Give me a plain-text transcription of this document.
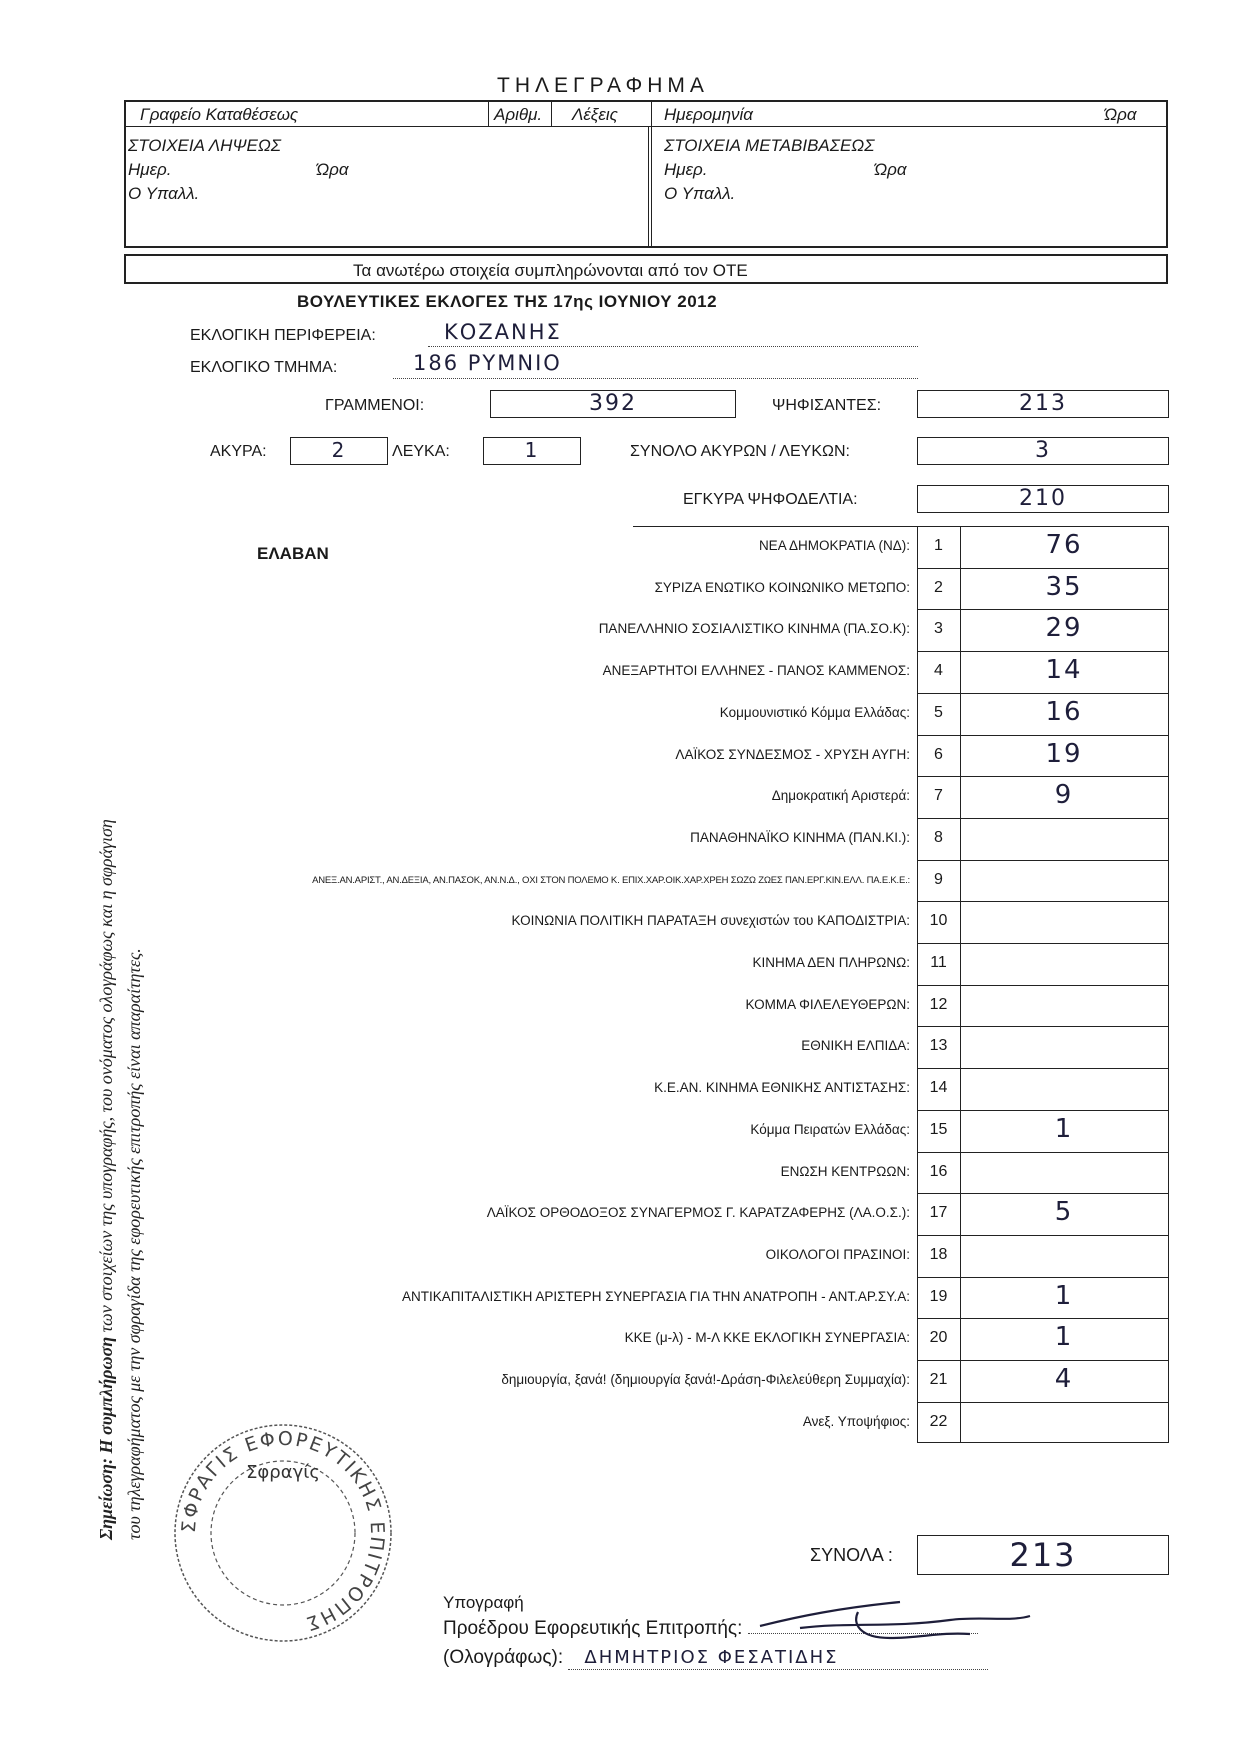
ΤΗΛΕΓΡΑΦΗΜΑ
Γραφείο Καταθέσεως	Αριθμ. Λέξεις	Ημερομηνία	Ώρα
ΣΤΟΙΧΕΙΑ ΛΗΨΕΩΣ
Ημερ.	Ώρα
Ο Υπαλλ.
ΣΤΟΙΧΕΙΑ ΜΕΤΑΒΙΒΑΣΕΩΣ
Ημερ.	Ώρα
Ο Υπαλλ.
Τα ανωτέρω στοιχεία συμπληρώνονται από τον ΟΤΕ
ΒΟΥΛΕΥΤΙΚΕΣ ΕΚΛΟΓΕΣ ΤΗΣ 17ης ΙΟΥΝΙΟΥ 2012
ΕΚΛΟΓΙΚΗ ΠΕΡΙΦΕΡΕΙΑ:	ΚΟΖΑΝΗΣ
ΕΚΛΟΓΙΚΟ ΤΜΗΜΑ:	186 ΡΥΜΝΙΟ
ΓΡΑΜΜΕΝΟΙ:	392	ΨΗΦΙΣΑΝΤΕΣ:	213
ΑΚΥΡΑ:	2	ΛΕΥΚΑ:	1	ΣΥΝΟΛΟ ΑΚΥΡΩΝ / ΛΕΥΚΩΝ:	3
ΕΓΚΥΡΑ ΨΗΦΟΔΕΛΤΙΑ:	210
ΕΛΑΒΑΝ	ΝΕΑ ΔΗΜΟΚΡΑΤΙΑ (ΝΔ):	1	76
ΣΥΡΙΖΑ ΕΝΩΤΙΚΟ ΚΟΙΝΩΝΙΚΟ ΜΕΤΩΠΟ:	2	35
ΠΑΝΕΛΛΗΝΙΟ ΣΟΣΙΑΛΙΣΤΙΚΟ ΚΙΝΗΜΑ (ΠΑ.ΣΟ.Κ):	3	29
ΑΝΕΞΑΡΤΗΤΟΙ ΕΛΛΗΝΕΣ - ΠΑΝΟΣ ΚΑΜΜΕΝΟΣ:	4	14
Κομμουνιστικό Κόμμα Ελλάδας:	5	16
ΛΑΪΚΟΣ ΣΥΝΔΕΣΜΟΣ - ΧΡΥΣΗ ΑΥΓΗ:	6	19
Δημοκρατική Αριστερά:	7	9
ΠΑΝΑΘΗΝΑΪΚΟ ΚΙΝΗΜΑ (ΠΑΝ.ΚΙ.):	8
ΑΝΕΞ.ΑΝ.ΑΡΙΣΤ., ΑΝ.ΔΕΞΙΑ, ΑΝ.ΠΑΣΟΚ, ΑΝ.Ν.Δ., ΟΧΙ ΣΤΟΝ ΠΟΛΕΜΟ Κ. ΕΠΙΧ.ΧΑΡ.ΟΙΚ.ΧΑΡ.ΧΡΕΗ ΣΩΖΩ ΖΩΕΣ ΠΑΝ.ΕΡΓ.ΚΙΝ.ΕΛΛ. ΠΑ.Ε.Κ.Ε.:	9
ΚΟΙΝΩΝΙΑ ΠΟΛΙΤΙΚΗ ΠΑΡΑΤΑΞΗ συνεχιστών του ΚΑΠΟΔΙΣΤΡΙΑ:	10
ΚΙΝΗΜΑ ΔΕΝ ΠΛΗΡΩΝΩ:	11
ΚΟΜΜΑ ΦΙΛΕΛΕΥΘΕΡΩΝ:	12
ΕΘΝΙΚΗ ΕΛΠΙΔΑ:	13
Κ.Ε.ΑΝ. ΚΙΝΗΜΑ ΕΘΝΙΚΗΣ ΑΝΤΙΣΤΑΣΗΣ:	14
Κόμμα Πειρατών Ελλάδας:	15	1
ΕΝΩΣΗ ΚΕΝΤΡΩΩΝ:	16
ΛΑΪΚΟΣ ΟΡΘΟΔΟΞΟΣ ΣΥΝΑΓΕΡΜΟΣ Γ. ΚΑΡΑΤΖΑΦΕΡΗΣ (ΛΑ.Ο.Σ.):	17	5
ΟΙΚΟΛΟΓΟΙ ΠΡΑΣΙΝΟΙ:	18
ΑΝΤΙΚΑΠΙΤΑΛΙΣΤΙΚΗ ΑΡΙΣΤΕΡΗ ΣΥΝΕΡΓΑΣΙΑ ΓΙΑ ΤΗΝ ΑΝΑΤΡΟΠΗ - ΑΝΤ.ΑΡ.ΣΥ.Α:	19	1
ΚΚΕ (μ-λ) - Μ-Λ ΚΚΕ ΕΚΛΟΓΙΚΗ ΣΥΝΕΡΓΑΣΙΑ:	20	1
δημιουργία, ξανά! (δημιουργία ξανά!-Δράση-Φιλελεύθερη Συμμαχία):	21	4
Ανεξ. Υποψήφιος:	22
ΣΥΝΟΛΑ :	213
Υπογραφή
Προέδρου Εφορευτικής Επιτροπής:
(Ολογράφως): ΔΗΜΗΤΡΙΟΣ ΦΕΣΑΤΙΔΗΣ
Σημείωση: Η συμπλήρωση των στοιχείων της υπογραφής, του ονόματος ολογράφως και η σφράγιση του τηλεγραφήματος με την σφραγίδα της εφορευτικής επιτροπής είναι απαραίτητες. ΣΦΡΑΓΙΣ ΕΦΟΡΕΥΤΙΚΗΣ ΕΠΙΤΡΟΠΗΣ
Σφραγίς
